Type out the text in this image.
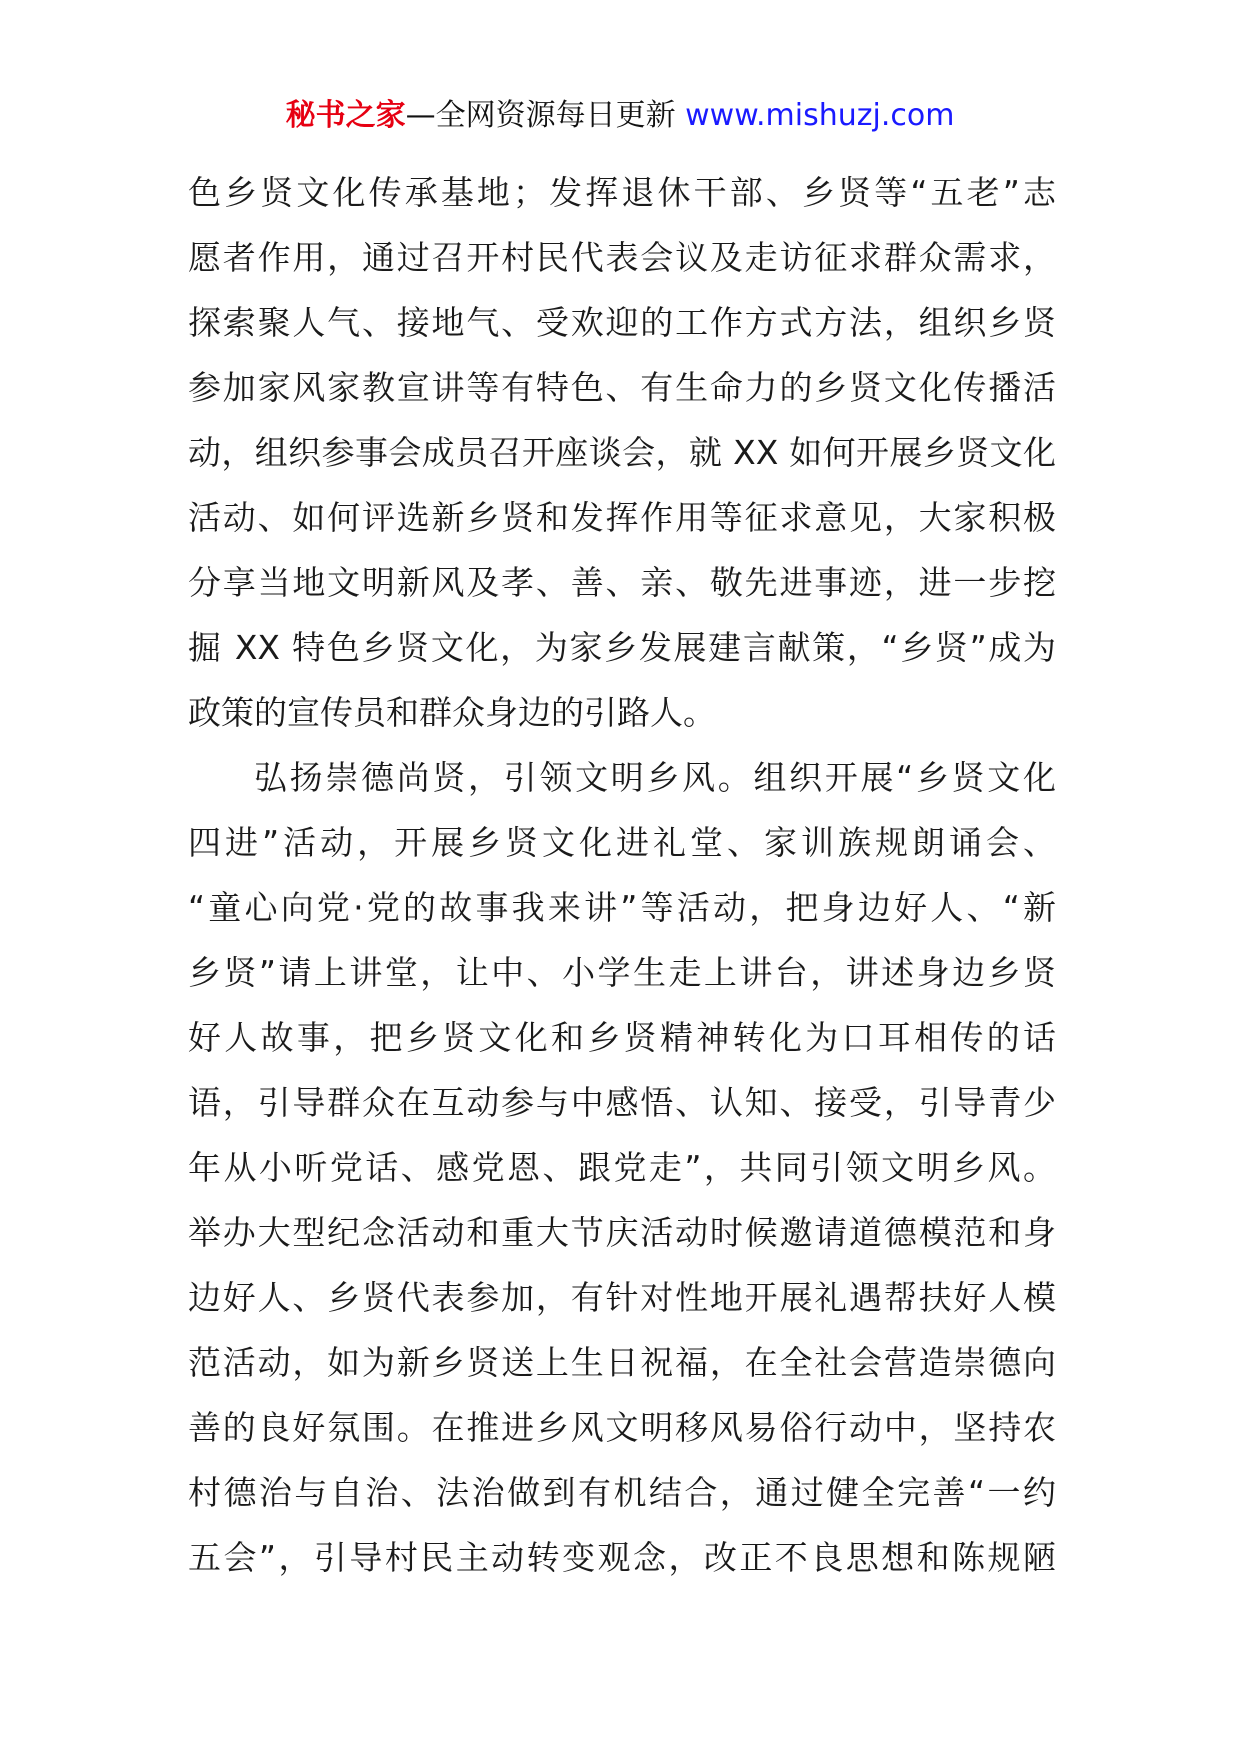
秘书之家—全网资源每日更新 www.mishuzj.com
色乡贤文化传承基地；发挥退休干部、乡贤等“五老”志
愿者作用，通过召开村民代表会议及走访征求群众需求，
探索聚人气、接地气、受欢迎的工作方式方法，组织乡贤
参加家风家教宣讲等有特色、有生命力的乡贤文化传播活
动，组织参事会成员召开座谈会，就 XX 如何开展乡贤文化
活动、如何评选新乡贤和发挥作用等征求意见，大家积极
分享当地文明新风及孝、善、亲、敬先进事迹，进一步挖
掘 XX 特色乡贤文化，为家乡发展建言献策，“乡贤”成为
政策的宣传员和群众身边的引路人。
弘扬崇德尚贤，引领文明乡风。组织开展“乡贤文化
四进”活动，开展乡贤文化进礼堂、家训族规朗诵会、
“童心向党·党的故事我来讲”等活动，把身边好人、“新
乡贤”请上讲堂，让中、小学生走上讲台，讲述身边乡贤
好人故事，把乡贤文化和乡贤精神转化为口耳相传的话
语，引导群众在互动参与中感悟、认知、接受，引导青少
年从小听党话、感党恩、跟党走”，共同引领文明乡风。
举办大型纪念活动和重大节庆活动时候邀请道德模范和身
边好人、乡贤代表参加，有针对性地开展礼遇帮扶好人模
范活动，如为新乡贤送上生日祝福，在全社会营造崇德向
善的良好氛围。在推进乡风文明移风易俗行动中，坚持农
村德治与自治、法治做到有机结合，通过健全完善“一约
五会”，引导村民主动转变观念，改正不良思想和陈规陋
